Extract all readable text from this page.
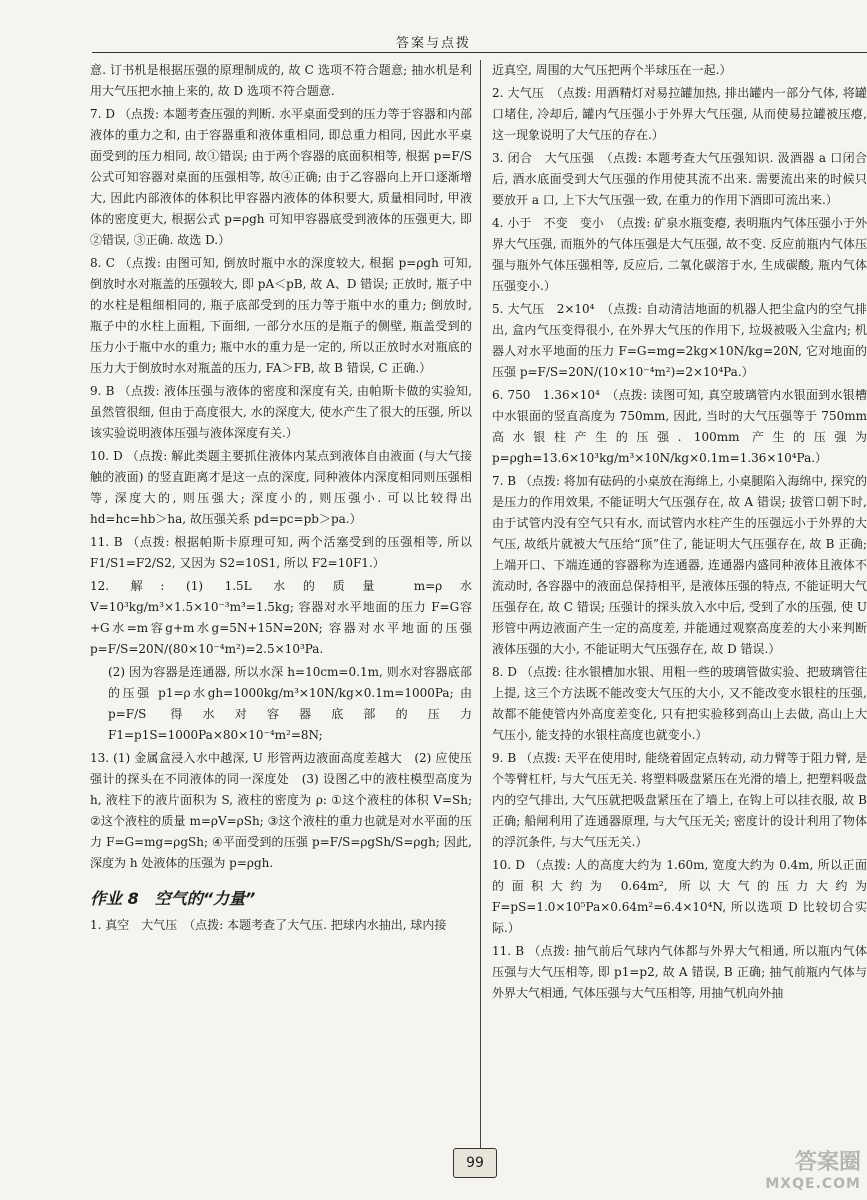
答案与点拨
意. 订书机是根据压强的原理制成的, 故 C 选项不符合题意; 抽水机是利用大气压把水抽上来的, 故 D 选项不符合题意.
7. D （点拨: 本题考查压强的判断. 水平桌面受到的压力等于容器和内部液体的重力之和, 由于容器重和液体重相同, 即总重力相同, 因此水平桌面受到的压力相同, 故①错误; 由于两个容器的底面积相等, 根据 p=F/S 公式可知容器对桌面的压强相等, 故④正确; 由于乙容器向上开口逐渐增大, 因此内部液体的体积比甲容器内液体的体积要大, 质量相同时, 甲液体的密度更大, 根据公式 p=ρgh 可知甲容器底受到液体的压强更大, 即②错误, ③正确. 故选 D.）
8. C （点拨: 由图可知, 倒放时瓶中水的深度较大, 根据 p=ρgh 可知, 倒放时水对瓶盖的压强较大, 即 pA＜pB, 故 A、D 错误; 正放时, 瓶子中的水柱是粗细相同的, 瓶子底部受到的压力等于瓶中水的重力; 倒放时, 瓶子中的水柱上面粗, 下面细, 一部分水压的是瓶子的侧壁, 瓶盖受到的压力小于瓶中水的重力; 瓶中水的重力是一定的, 所以正放时水对瓶底的压力大于倒放时水对瓶盖的压力, FA＞FB, 故 B 错误, C 正确.）
9. B （点拨: 液体压强与液体的密度和深度有关, 由帕斯卡做的实验知, 虽然管很细, 但由于高度很大, 水的深度大, 使水产生了很大的压强, 所以该实验说明液体压强与液体深度有关.）
10. D （点拨: 解此类题主要抓住液体内某点到液体自由液面 (与大气接触的液面) 的竖直距离才是这一点的深度, 同种液体内深度相同则压强相等, 深度大的, 则压强大; 深度小的, 则压强小. 可以比较得出 hd=hc=hb＞ha, 故压强关系 pd=pc=pb＞pa.）
11. B （点拨: 根据帕斯卡原理可知, 两个活塞受到的压强相等, 所以 F1/S1=F2/S2, 又因为 S2=10S1, 所以 F2=10F1.）
12. 解: (1) 1.5L 水的质量 m=ρ水V=10³kg/m³×1.5×10⁻³m³=1.5kg; 容器对水平地面的压力 F=G容+G水=m容g+m水g=5N+15N=20N; 容器对水平地面的压强 p=F/S=20N/(80×10⁻⁴m²)=2.5×10³Pa.
(2) 因为容器是连通器, 所以水深 h=10cm=0.1m, 则水对容器底部的压强 p1=ρ水gh=1000kg/m³×10N/kg×0.1m=1000Pa; 由 p=F/S 得水对容器底部的压力 F1=p1S=1000Pa×80×10⁻⁴m²=8N;
13. (1) 金属盒浸入水中越深, U 形管两边液面高度差越大　(2) 应使压强计的探头在不同液体的同一深度处　(3) 设图乙中的液柱模型高度为 h, 液柱下的液片面积为 S, 液柱的密度为 ρ: ①这个液柱的体积 V=Sh; ②这个液柱的质量 m=ρV=ρSh; ③这个液柱的重力也就是对水平面的压力 F=G=mg=ρgSh; ④平面受到的压强 p=F/S=ρgSh/S=ρgh; 因此, 深度为 h 处液体的压强为 p=ρgh.
作业 8　空气的“力量”
1. 真空　大气压　（点拨: 本题考查了大气压. 把球内水抽出, 球内接
近真空, 周围的大气压把两个半球压在一起.）
2. 大气压　（点拨: 用酒精灯对易拉罐加热, 排出罐内一部分气体, 将罐口堵住, 冷却后, 罐内气压强小于外界大气压强, 从而使易拉罐被压瘪, 这一现象说明了大气压的存在.）
3. 闭合　大气压强　（点拨: 本题考查大气压强知识. 汲酒器 a 口闭合后, 酒水底面受到大气压强的作用使其流不出来. 需要流出来的时候只要放开 a 口, 上下大气压强一致, 在重力的作用下酒即可流出来.）
4. 小于　不变　变小　（点拨: 矿泉水瓶变瘪, 表明瓶内气体压强小于外界大气压强, 而瓶外的气体压强是大气压强, 故不变. 反应前瓶内气体压强与瓶外气体压强相等, 反应后, 二氧化碳溶于水, 生成碳酸, 瓶内气体压强变小.）
5. 大气压　2×10⁴　（点拨: 自动清洁地面的机器人把尘盒内的空气排出, 盒内气压变得很小, 在外界大气压的作用下, 垃圾被吸入尘盒内; 机器人对水平地面的压力 F=G=mg=2kg×10N/kg=20N, 它对地面的压强 p=F/S=20N/(10×10⁻⁴m²)=2×10⁴Pa.）
6. 750　1.36×10⁴　（点拨: 读图可知, 真空玻璃管内水银面到水银槽中水银面的竖直高度为 750mm, 因此, 当时的大气压强等于 750mm 高水银柱产生的压强. 100mm 产生的压强为 p=ρgh=13.6×10³kg/m³×10N/kg×0.1m=1.36×10⁴Pa.）
7. B （点拨: 将加有砝码的小桌放在海绵上, 小桌腿陷入海绵中, 探究的是压力的作用效果, 不能证明大气压强存在, 故 A 错误; 拔管口朝下时, 由于试管内没有空气只有水, 而试管内水柱产生的压强远小于外界的大气压, 故纸片就被大气压给“顶”住了, 能证明大气压强存在, 故 B 正确; 上端开口、下端连通的容器称为连通器, 连通器内盛同种液体且液体不流动时, 各容器中的液面总保持相平, 是液体压强的特点, 不能证明大气压强存在, 故 C 错误; 压强计的探头放入水中后, 受到了水的压强, 使 U 形管中两边液面产生一定的高度差, 并能通过观察高度差的大小来判断液体压强的大小, 不能证明大气压强存在, 故 D 错误.）
8. D （点拨: 往水银槽加水银、用粗一些的玻璃管做实验、把玻璃管往上提, 这三个方法既不能改变大气压的大小, 又不能改变水银柱的压强, 故都不能使管内外高度差变化, 只有把实验移到高山上去做, 高山上大气压小, 能支持的水银柱高度也就变小.）
9. B （点拨: 天平在使用时, 能绕着固定点转动, 动力臂等于阻力臂, 是个等臂杠杆, 与大气压无关. 将塑料吸盘紧压在光滑的墙上, 把塑料吸盘内的空气排出, 大气压就把吸盘紧压在了墙上, 在钩上可以挂衣服, 故 B 正确; 船闸利用了连通器原理, 与大气压无关; 密度计的设计利用了物体的浮沉条件, 与大气压无关.）
10. D （点拨: 人的高度大约为 1.60m, 宽度大约为 0.4m, 所以正面的面积大约为 0.64m², 所以大气的压力大约为 F=pS=1.0×10⁵Pa×0.64m²=6.4×10⁴N, 所以选项 D 比较切合实际.）
11. B （点拨: 抽气前后气球内气体都与外界大气相通, 所以瓶内气体压强与大气压相等, 即 p1=p2, 故 A 错误, B 正确; 抽气前瓶内气体与外界大气相通, 气体压强与大气压相等, 用抽气机向外抽
99	答案圈
MXQE.COM
